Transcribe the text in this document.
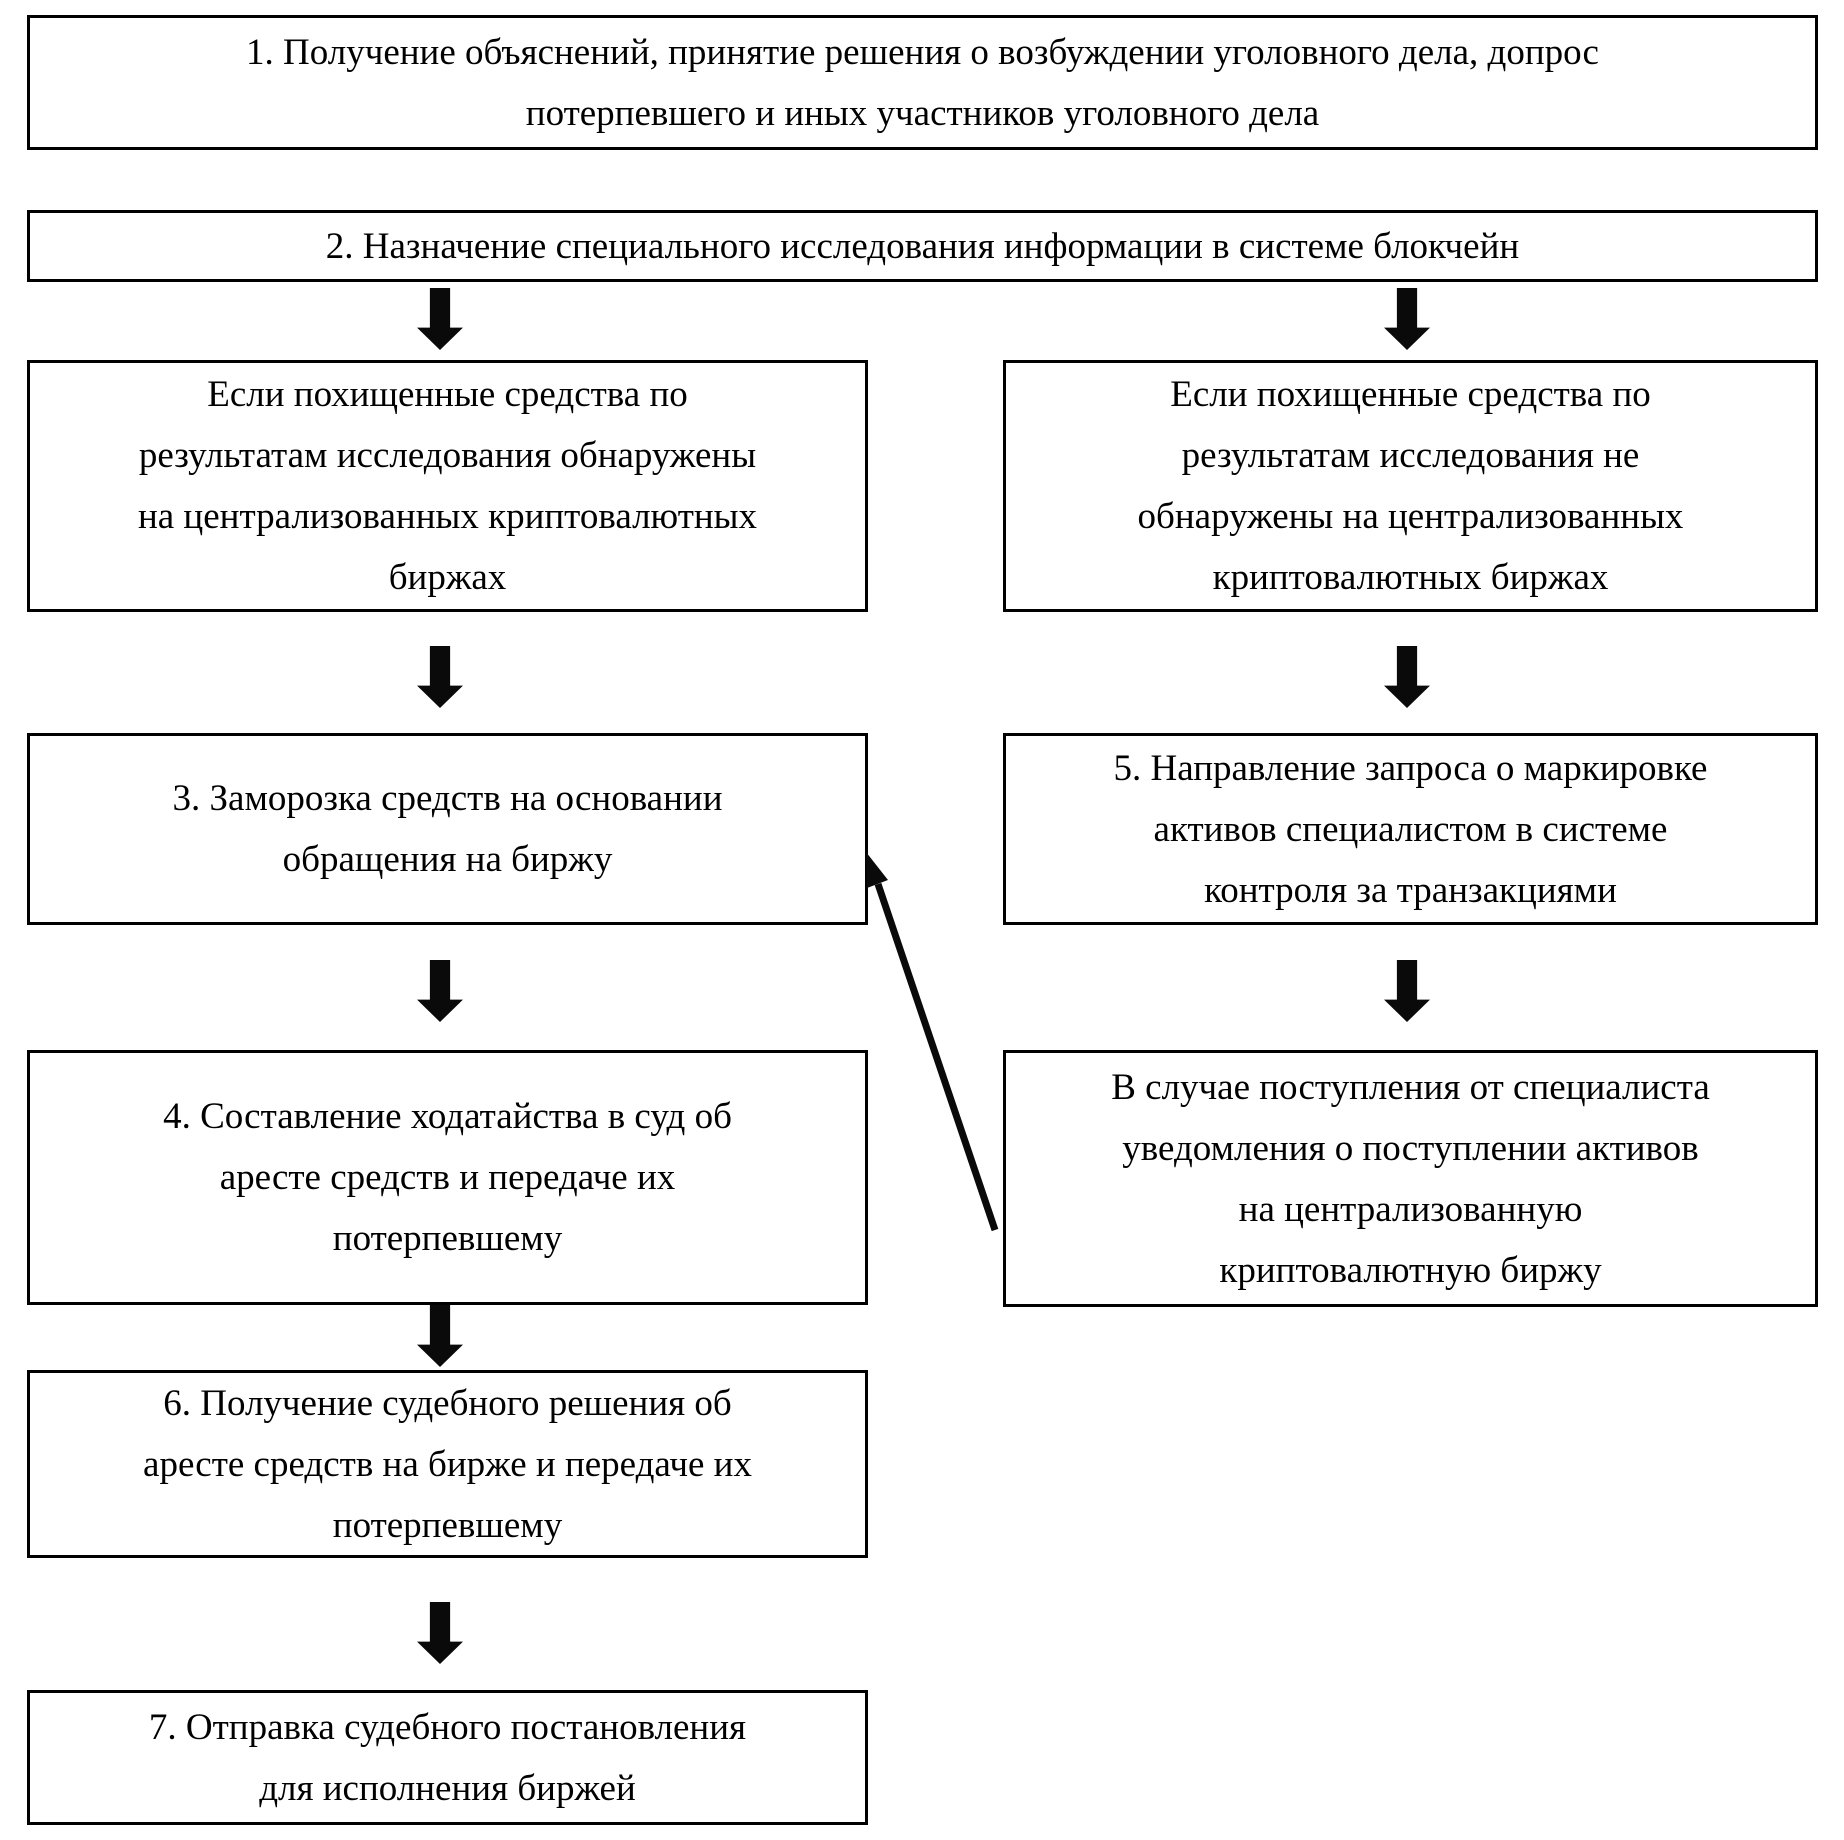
1. Получение объяснений, принятие решения о возбуждении уголовного дела, допрос
потерпевшего и иных участников уголовного дела
2. Назначение специального исследования информации в системе блокчейн
Если похищенные средства по
результатам исследования обнаружены
на централизованных криптовалютных
биржах
Если похищенные средства по
результатам исследования не
обнаружены на централизованных
криптовалютных биржах
3. Заморозка средств на основании
обращения на биржу
5. Направление запроса о маркировке
активов специалистом в системе
контроля за транзакциями
4. Составление ходатайства в суд об
аресте средств и передаче их
потерпевшему
В случае поступления от специалиста
уведомления о поступлении активов
на централизованную
криптовалютную биржу
6. Получение судебного решения об
аресте средств на бирже и передаче их
потерпевшему
7. Отправка судебного постановления
для исполнения биржей
